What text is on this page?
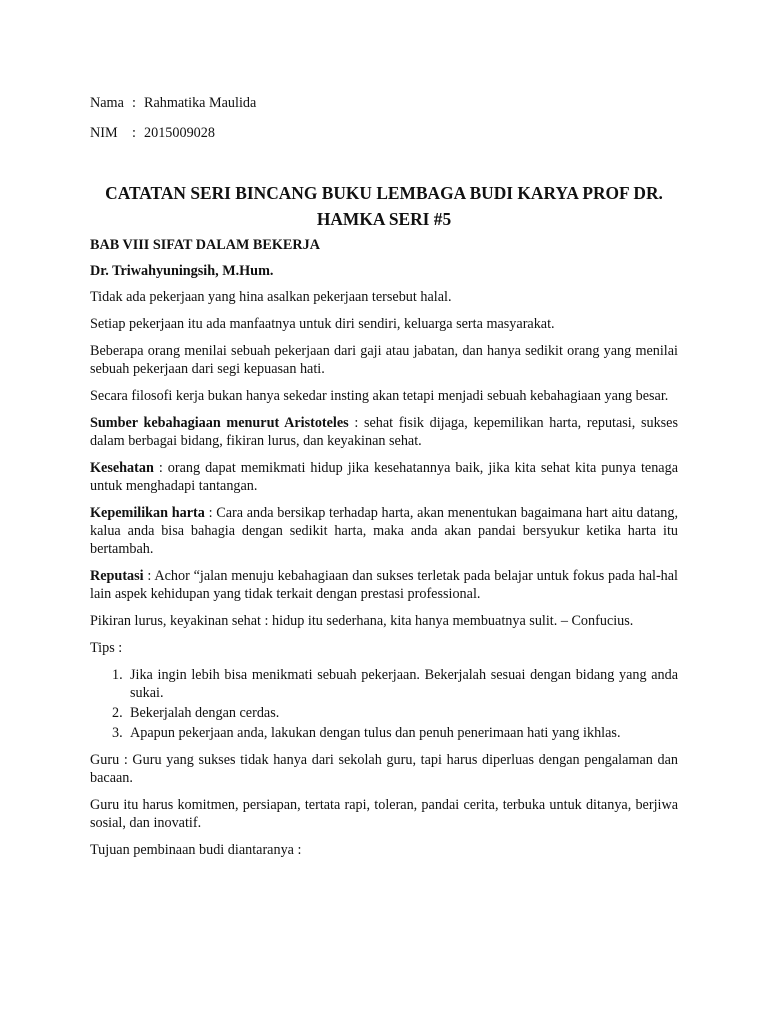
Nama : Rahmatika Maulida
NIM : 2015009028
CATATAN SERI BINCANG BUKU LEMBAGA BUDI KARYA PROF DR.
HAMKA SERI #5

BAB VIII SIFAT DALAM BEKERJA

Dr. Triwahyuningsih, M.Hum.

Tidak ada pekerjaan yang hina asalkan pekerjaan tersebut halal.

Setiap pekerjaan itu ada manfaatnya untuk diri sendiri, keluarga serta masyarakat.

Beberapa orang menilai sebuah pekerjaan dari gaji atau jabatan, dan hanya sedikit orang yang menilai sebuah pekerjaan dari segi kepuasan hati.

Secara filosofi kerja bukan hanya sekedar insting akan tetapi menjadi sebuah kebahagiaan yang besar.

Sumber kebahagiaan menurut Aristoteles : sehat fisik dijaga, kepemilikan harta, reputasi, sukses dalam berbagai bidang, fikiran lurus, dan keyakinan sehat.

Kesehatan : orang dapat memikmati hidup jika kesehatannya baik, jika kita sehat kita punya tenaga untuk menghadapi tantangan.

Kepemilikan harta : Cara anda bersikap terhadap harta, akan menentukan bagaimana hart aitu datang, kalua anda bisa bahagia dengan sedikit harta, maka anda akan pandai bersyukur ketika harta itu bertambah.

Reputasi : Achor “jalan menuju kebahagiaan dan sukses terletak pada belajar untuk fokus pada hal-hal lain aspek kehidupan yang tidak terkait dengan prestasi professional.

Pikiran lurus, keyakinan sehat : hidup itu sederhana, kita hanya membuatnya sulit. – Confucius.

Tips :

1. Jika ingin lebih bisa menikmati sebuah pekerjaan. Bekerjalah sesuai dengan bidang yang anda sukai.
2. Bekerjalah dengan cerdas.
3. Apapun pekerjaan anda, lakukan dengan tulus dan penuh penerimaan hati yang ikhlas.

Guru : Guru yang sukses tidak hanya dari sekolah guru, tapi harus diperluas dengan pengalaman dan bacaan.

Guru itu harus komitmen, persiapan, tertata rapi, toleran, pandai cerita, terbuka untuk ditanya, berjiwa sosial, dan inovatif.

Tujuan pembinaan budi diantaranya :
